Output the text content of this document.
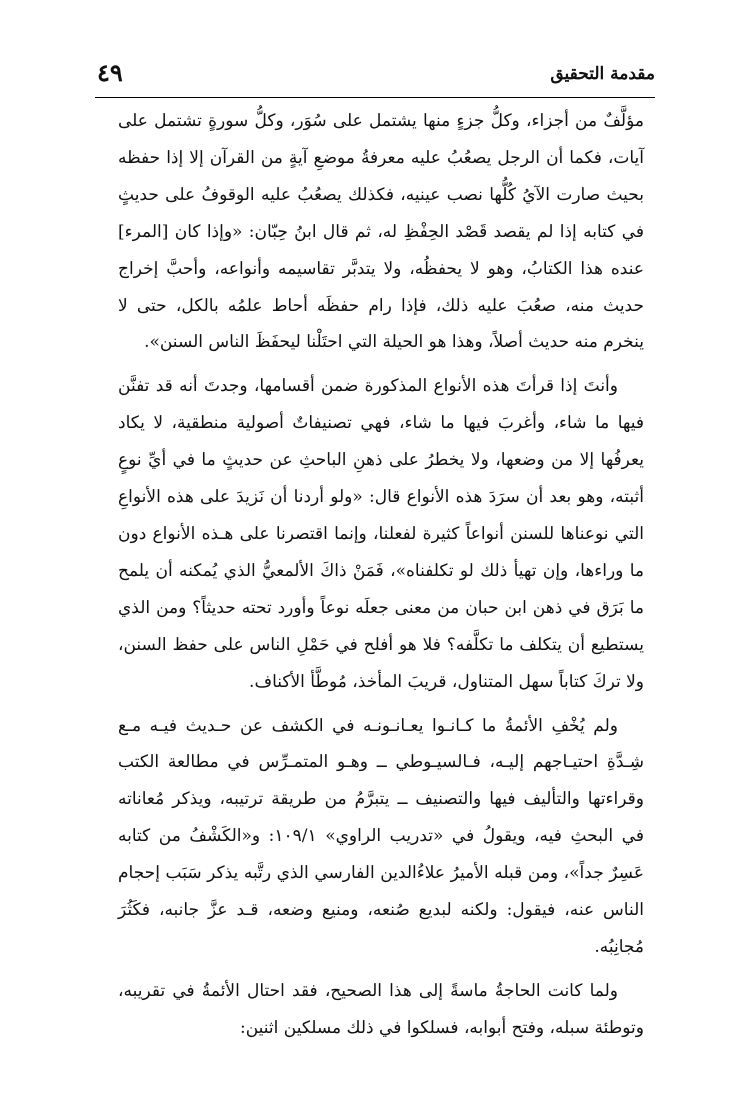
مقدمة التحقيق
٤٩

مؤلَّفٌ من أجزاء، وكلُّ جزءٍ منها يشتمل على سُوَر، وكلُّ سورةٍ تشتمل على آيات، فكما أن الرجل يصعُبُ عليه معرفةُ موضعِ آيةٍ من القرآن إلا إذا حفظه بحيث صارت الآيُ كُلُّها نصب عينيه، فكذلك يصعُبُ عليه الوقوفُ على حديثٍ في كتابه إذا لم يقصد قَصْد الحِفْظِ له، ثم قال ابنُ حِبّان: «وإذا كان [المرء] عنده هذا الكتابُ، وهو لا يحفظُه، ولا يتدبَّر تقاسيمه وأنواعه، وأحبَّ إخراج حديث منه، صعُبَ عليه ذلك، فإذا رام حفظَه أحاط علمُه بالكل، حتى لا ينخرم منه حديث أصلاً، وهذا هو الحيلة التي احتَلْنا ليحفَظَ الناس السنن».

وأنتَ إذا قرأتَ هذه الأنواع المذكورة ضمن أقسامها، وجدتَ أنه قد تفنَّن فيها ما شاء، وأغربَ فيها ما شاء، فهي تصنيفاتٌ أصولية منطقية، لا يكاد يعرفُها إلا من وضعها، ولا يخطرُ على ذهنِ الباحثِ عن حديثٍ ما في أيِّ نوعٍ أثبته، وهو بعد أن سرَدَ هذه الأنواع قال: «ولو أردنا أن نَزيدَ على هذه الأنواعِ التي نوعناها للسنن أنواعاً كثيرة لفعلنا، وإنما اقتصرنا على هـذه الأنواع دون ما وراءها، وإن تهيأ ذلك لو تكلفناه»، فَمَنْ ذاكَ الألمعيُّ الذي يُمكنه أن يلمح ما بَرَق في ذهن ابن حبان من معنى جعلَه نوعاً وأورد تحته حديثاً؟ ومن الذي يستطيع أن يتكلف ما تكلَّفه؟ فلا هو أفلح في حَمْلِ الناس على حفظ السنن، ولا تركَ كتاباً سهل المتناول، قريبَ المأخذ، مُوطَّأ الأكناف.

ولم يُخْفِ الأئمةُ ما كـانـوا يعـانـونـه في الكشف عن حـديث فيـه مـع شِـدَّةِ احتيـاجهم إليـه، فـالسيـوطي ــ وهـو المتمـرِّس في مطالعة الكتب وقراءتها والتأليف فيها والتصنيف ــ يتبرَّمُ من طريقة ترتيبه، ويذكر مُعاناته في البحثِ فيه، ويقولُ في «تدريب الراوي» ١٠٩/١: و«الكَشْفُ من كتابه عَسِرٌ جداً»، ومن قبله الأميرُ علاءُالدين الفارسي الذي رتَّبه يذكر سَبَب إحجام الناس عنه، فيقول: ولكنه لبديع صُنعه، ومنيع وضعه، قـد عزَّ جانبه، فكَثُرَ مُجانِبُه.

ولما كانت الحاجةُ ماسةً إلى هذا الصحيح، فقد احتال الأئمةُ في تقريبه، وتوطئة سبله، وفتح أبوابه، فسلكوا في ذلك مسلكين اثنين:
